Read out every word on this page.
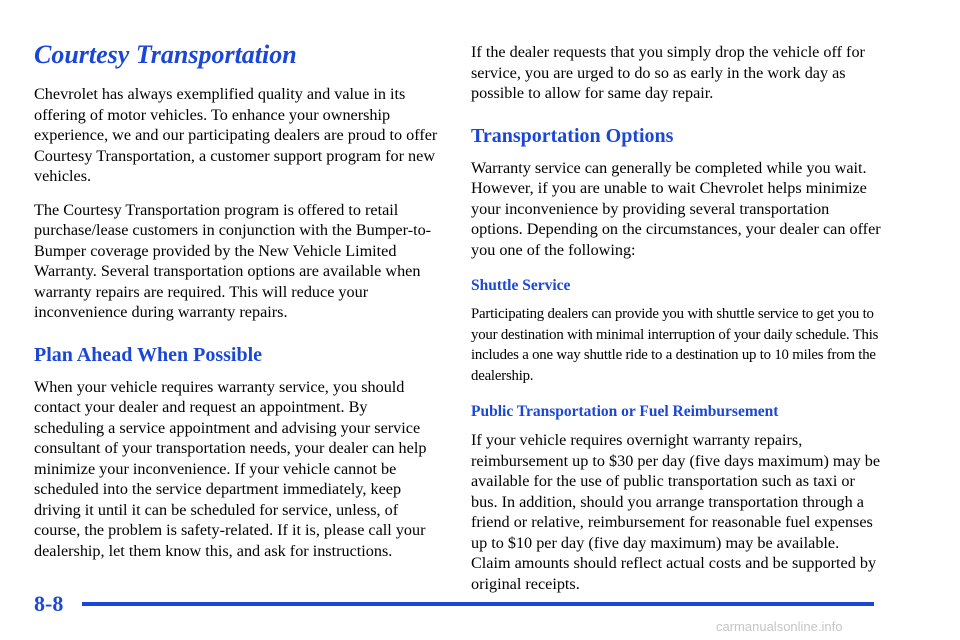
Courtesy Transportation

Chevrolet has always exemplified quality and value in its offering of motor vehicles. To enhance your ownership experience, we and our participating dealers are proud to offer Courtesy Transportation, a customer support program for new vehicles.

The Courtesy Transportation program is offered to retail purchase/lease customers in conjunction with the Bumper-to-Bumper coverage provided by the New Vehicle Limited Warranty. Several transportation options are available when warranty repairs are required. This will reduce your inconvenience during warranty repairs.

Plan Ahead When Possible

When your vehicle requires warranty service, you should contact your dealer and request an appointment. By scheduling a service appointment and advising your service consultant of your transportation needs, your dealer can help minimize your inconvenience. If your vehicle cannot be scheduled into the service department immediately, keep driving it until it can be scheduled for service, unless, of course, the problem is safety-related. If it is, please call your dealership, let them know this, and ask for instructions.

If the dealer requests that you simply drop the vehicle off for service, you are urged to do so as early in the work day as possible to allow for same day repair.

Transportation Options

Warranty service can generally be completed while you wait. However, if you are unable to wait Chevrolet helps minimize your inconvenience by providing several transportation options. Depending on the circumstances, your dealer can offer you one of the following:

Shuttle Service

Participating dealers can provide you with shuttle service to get you to your destination with minimal interruption of your daily schedule. This includes a one way shuttle ride to a destination up to 10 miles from the dealership.

Public Transportation or Fuel Reimbursement

If your vehicle requires overnight warranty repairs, reimbursement up to $30 per day (five days maximum) may be available for the use of public transportation such as taxi or bus. In addition, should you arrange transportation through a friend or relative, reimbursement for reasonable fuel expenses up to $10 per day (five day maximum) may be available. Claim amounts should reflect actual costs and be supported by original receipts.

8-8
carmanualsonline.info
